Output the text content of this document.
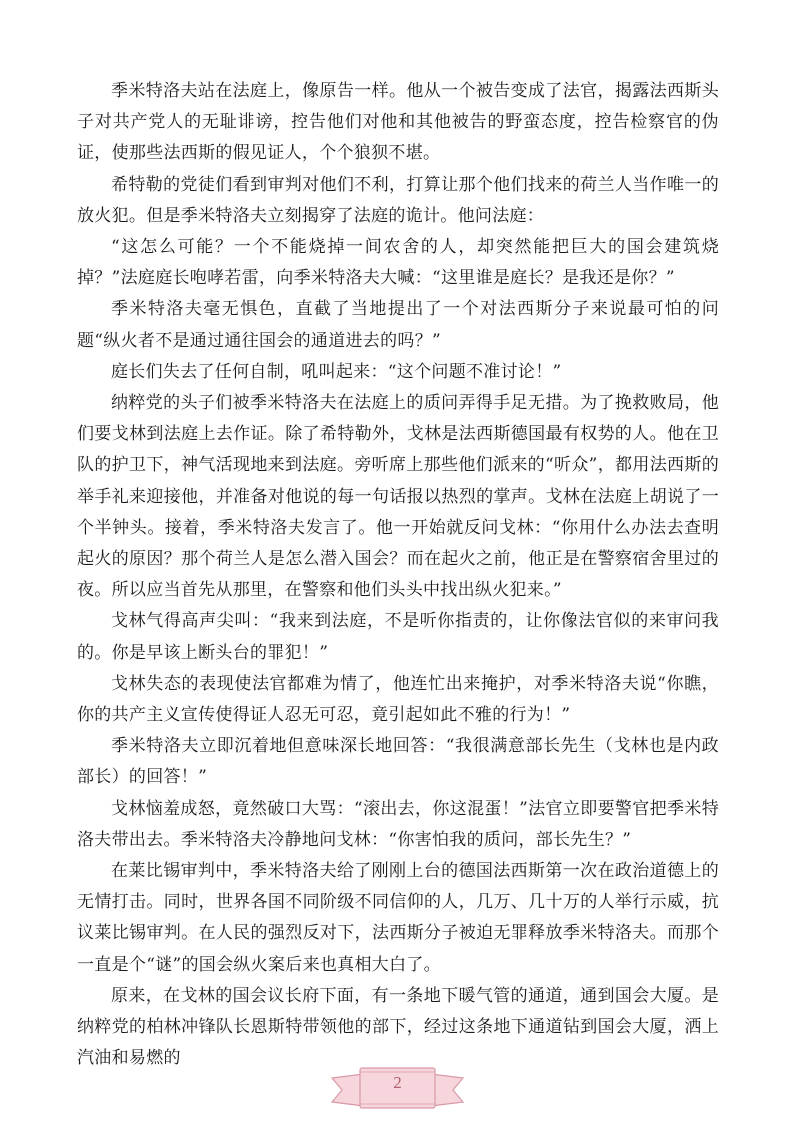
季米特洛夫站在法庭上，像原告一样。他从一个被告变成了法官，揭露法西斯头子对共产党人的无耻诽谤，控告他们对他和其他被告的野蛮态度，控告检察官的伪证，使那些法西斯的假见证人，个个狼狈不堪。

希特勒的党徒们看到审判对他们不利，打算让那个他们找来的荷兰人当作唯一的放火犯。但是季米特洛夫立刻揭穿了法庭的诡计。他问法庭：

“这怎么可能？一个不能烧掉一间农舍的人，却突然能把巨大的国会建筑烧掉？”法庭庭长咆哮若雷，向季米特洛夫大喊：“这里谁是庭长？是我还是你？”

季米特洛夫毫无惧色，直截了当地提出了一个对法西斯分子来说最可怕的问题“纵火者不是通过通往国会的通道进去的吗？”

庭长们失去了任何自制，吼叫起来：“这个问题不准讨论！”

纳粹党的头子们被季米特洛夫在法庭上的质问弄得手足无措。为了挽救败局，他们要戈林到法庭上去作证。除了希特勒外，戈林是法西斯德国最有权势的人。他在卫队的护卫下，神气活现地来到法庭。旁听席上那些他们派来的“听众”，都用法西斯的举手礼来迎接他，并准备对他说的每一句话报以热烈的掌声。戈林在法庭上胡说了一个半钟头。接着，季米特洛夫发言了。他一开始就反问戈林：“你用什么办法去查明起火的原因？那个荷兰人是怎么潜入国会？而在起火之前，他正是在警察宿舍里过的夜。所以应当首先从那里，在警察和他们头头中找出纵火犯来。”

戈林气得高声尖叫：“我来到法庭，不是听你指责的，让你像法官似的来审问我的。你是早该上断头台的罪犯！”

戈林失态的表现使法官都难为情了，他连忙出来掩护，对季米特洛夫说“你瞧，你的共产主义宣传使得证人忍无可忍，竟引起如此不雅的行为！”

季米特洛夫立即沉着地但意味深长地回答：“我很满意部长先生（戈林也是内政部长）的回答！”

戈林恼羞成怒，竟然破口大骂：“滚出去，你这混蛋！”法官立即要警官把季米特洛夫带出去。季米特洛夫冷静地问戈林：“你害怕我的质问，部长先生？”

在莱比锡审判中，季米特洛夫给了刚刚上台的德国法西斯第一次在政治道德上的无情打击。同时，世界各国不同阶级不同信仰的人，几万、几十万的人举行示威，抗议莱比锡审判。在人民的强烈反对下，法西斯分子被迫无罪释放季米特洛夫。而那个一直是个“谜”的国会纵火案后来也真相大白了。

原来，在戈林的国会议长府下面，有一条地下暖气管的通道，通到国会大厦。是纳粹党的柏林冲锋队长恩斯特带领他的部下，经过这条地下通道钻到国会大厦，洒上汽油和易燃的

2
